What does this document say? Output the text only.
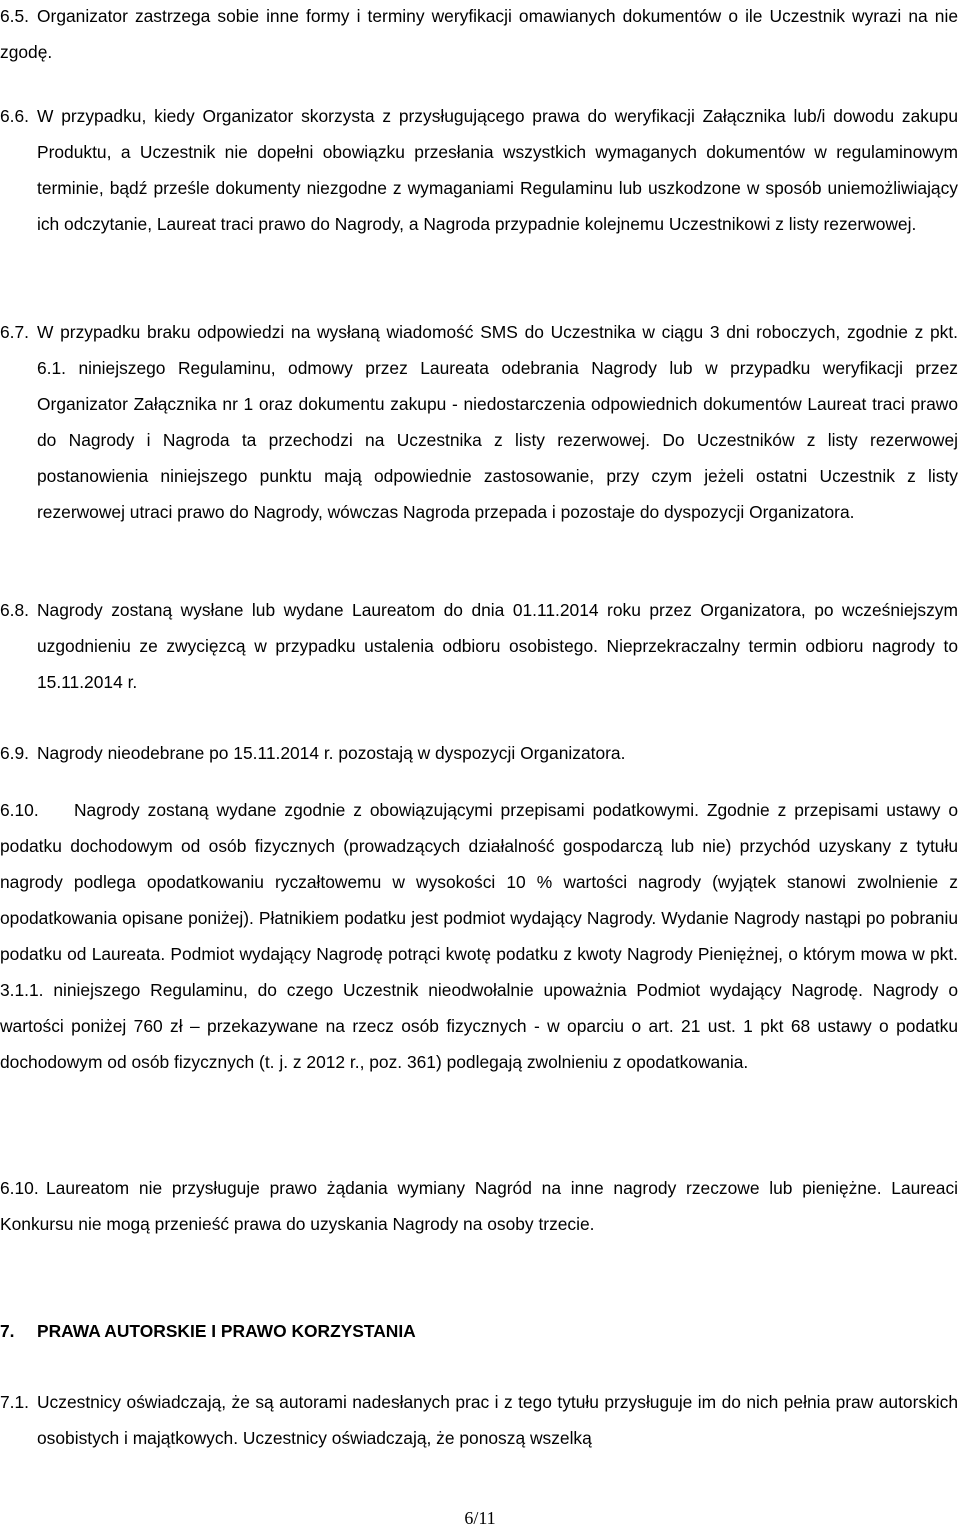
6.5. Organizator zastrzega sobie inne formy i terminy weryfikacji omawianych dokumentów o ile Uczestnik wyrazi na nie zgodę.
6.6. W przypadku, kiedy Organizator skorzysta z przysługującego prawa do weryfikacji Załącznika lub/i dowodu zakupu Produktu, a Uczestnik nie dopełni obowiązku przesłania wszystkich wymaganych dokumentów w regulaminowym terminie, bądź prześle dokumenty niezgodne z wymaganiami Regulaminu lub uszkodzone w sposób uniemożliwiający ich odczytanie, Laureat traci prawo do Nagrody, a Nagroda przypadnie kolejnemu Uczestnikowi z listy rezerwowej.
6.7. W przypadku braku odpowiedzi na wysłaną wiadomość SMS do Uczestnika w ciągu 3 dni roboczych, zgodnie z pkt. 6.1. niniejszego Regulaminu, odmowy przez Laureata odebrania Nagrody lub w przypadku weryfikacji przez Organizator Załącznika nr 1 oraz dokumentu zakupu - niedostarczenia odpowiednich dokumentów Laureat traci prawo do Nagrody i Nagroda ta przechodzi na Uczestnika z listy rezerwowej. Do Uczestników z listy rezerwowej postanowienia niniejszego punktu mają odpowiednie zastosowanie, przy czym jeżeli ostatni Uczestnik z listy rezerwowej utraci prawo do Nagrody, wówczas Nagroda przepada i pozostaje do dyspozycji Organizatora.
6.8. Nagrody zostaną wysłane lub wydane Laureatom do dnia 01.11.2014 roku przez Organizatora, po wcześniejszym uzgodnieniu ze zwycięzcą w przypadku ustalenia odbioru osobistego. Nieprzekraczalny termin odbioru nagrody to 15.11.2014 r.
6.9. Nagrody nieodebrane po 15.11.2014 r. pozostają w dyspozycji Organizatora.
6.10.	Nagrody zostaną wydane zgodnie z obowiązującymi przepisami podatkowymi. Zgodnie z przepisami ustawy o podatku dochodowym od osób fizycznych (prowadzących działalność gospodarczą lub nie) przychód uzyskany z tytułu nagrody podlega opodatkowaniu ryczałtowemu w wysokości 10 % wartości nagrody (wyjątek stanowi zwolnienie z opodatkowania opisane poniżej). Płatnikiem podatku jest podmiot wydający Nagrody. Wydanie Nagrody nastąpi po pobraniu podatku od Laureata. Podmiot wydający Nagrodę potrąci kwotę podatku z kwoty Nagrody Pieniężnej, o którym mowa w pkt. 3.1.1. niniejszego Regulaminu, do czego Uczestnik nieodwołalnie upoważnia Podmiot wydający Nagrodę. Nagrody o wartości poniżej 760 zł – przekazywane na rzecz osób fizycznych - w oparciu o art. 21 ust. 1 pkt 68 ustawy o podatku dochodowym od osób fizycznych (t. j. z 2012 r., poz. 361) podlegają zwolnieniu z opodatkowania.
6.10. Laureatom nie przysługuje prawo żądania wymiany Nagród na inne nagrody rzeczowe lub pieniężne. Laureaci Konkursu nie mogą przenieść prawa do uzyskania Nagrody na osoby trzecie.
7.	PRAWA AUTORSKIE I PRAWO KORZYSTANIA
7.1. Uczestnicy oświadczają, że są autorami nadesłanych prac i z tego tytułu przysługuje im do nich pełnia praw autorskich osobistych i majątkowych. Uczestnicy oświadczają, że ponoszą wszelką
6/11
